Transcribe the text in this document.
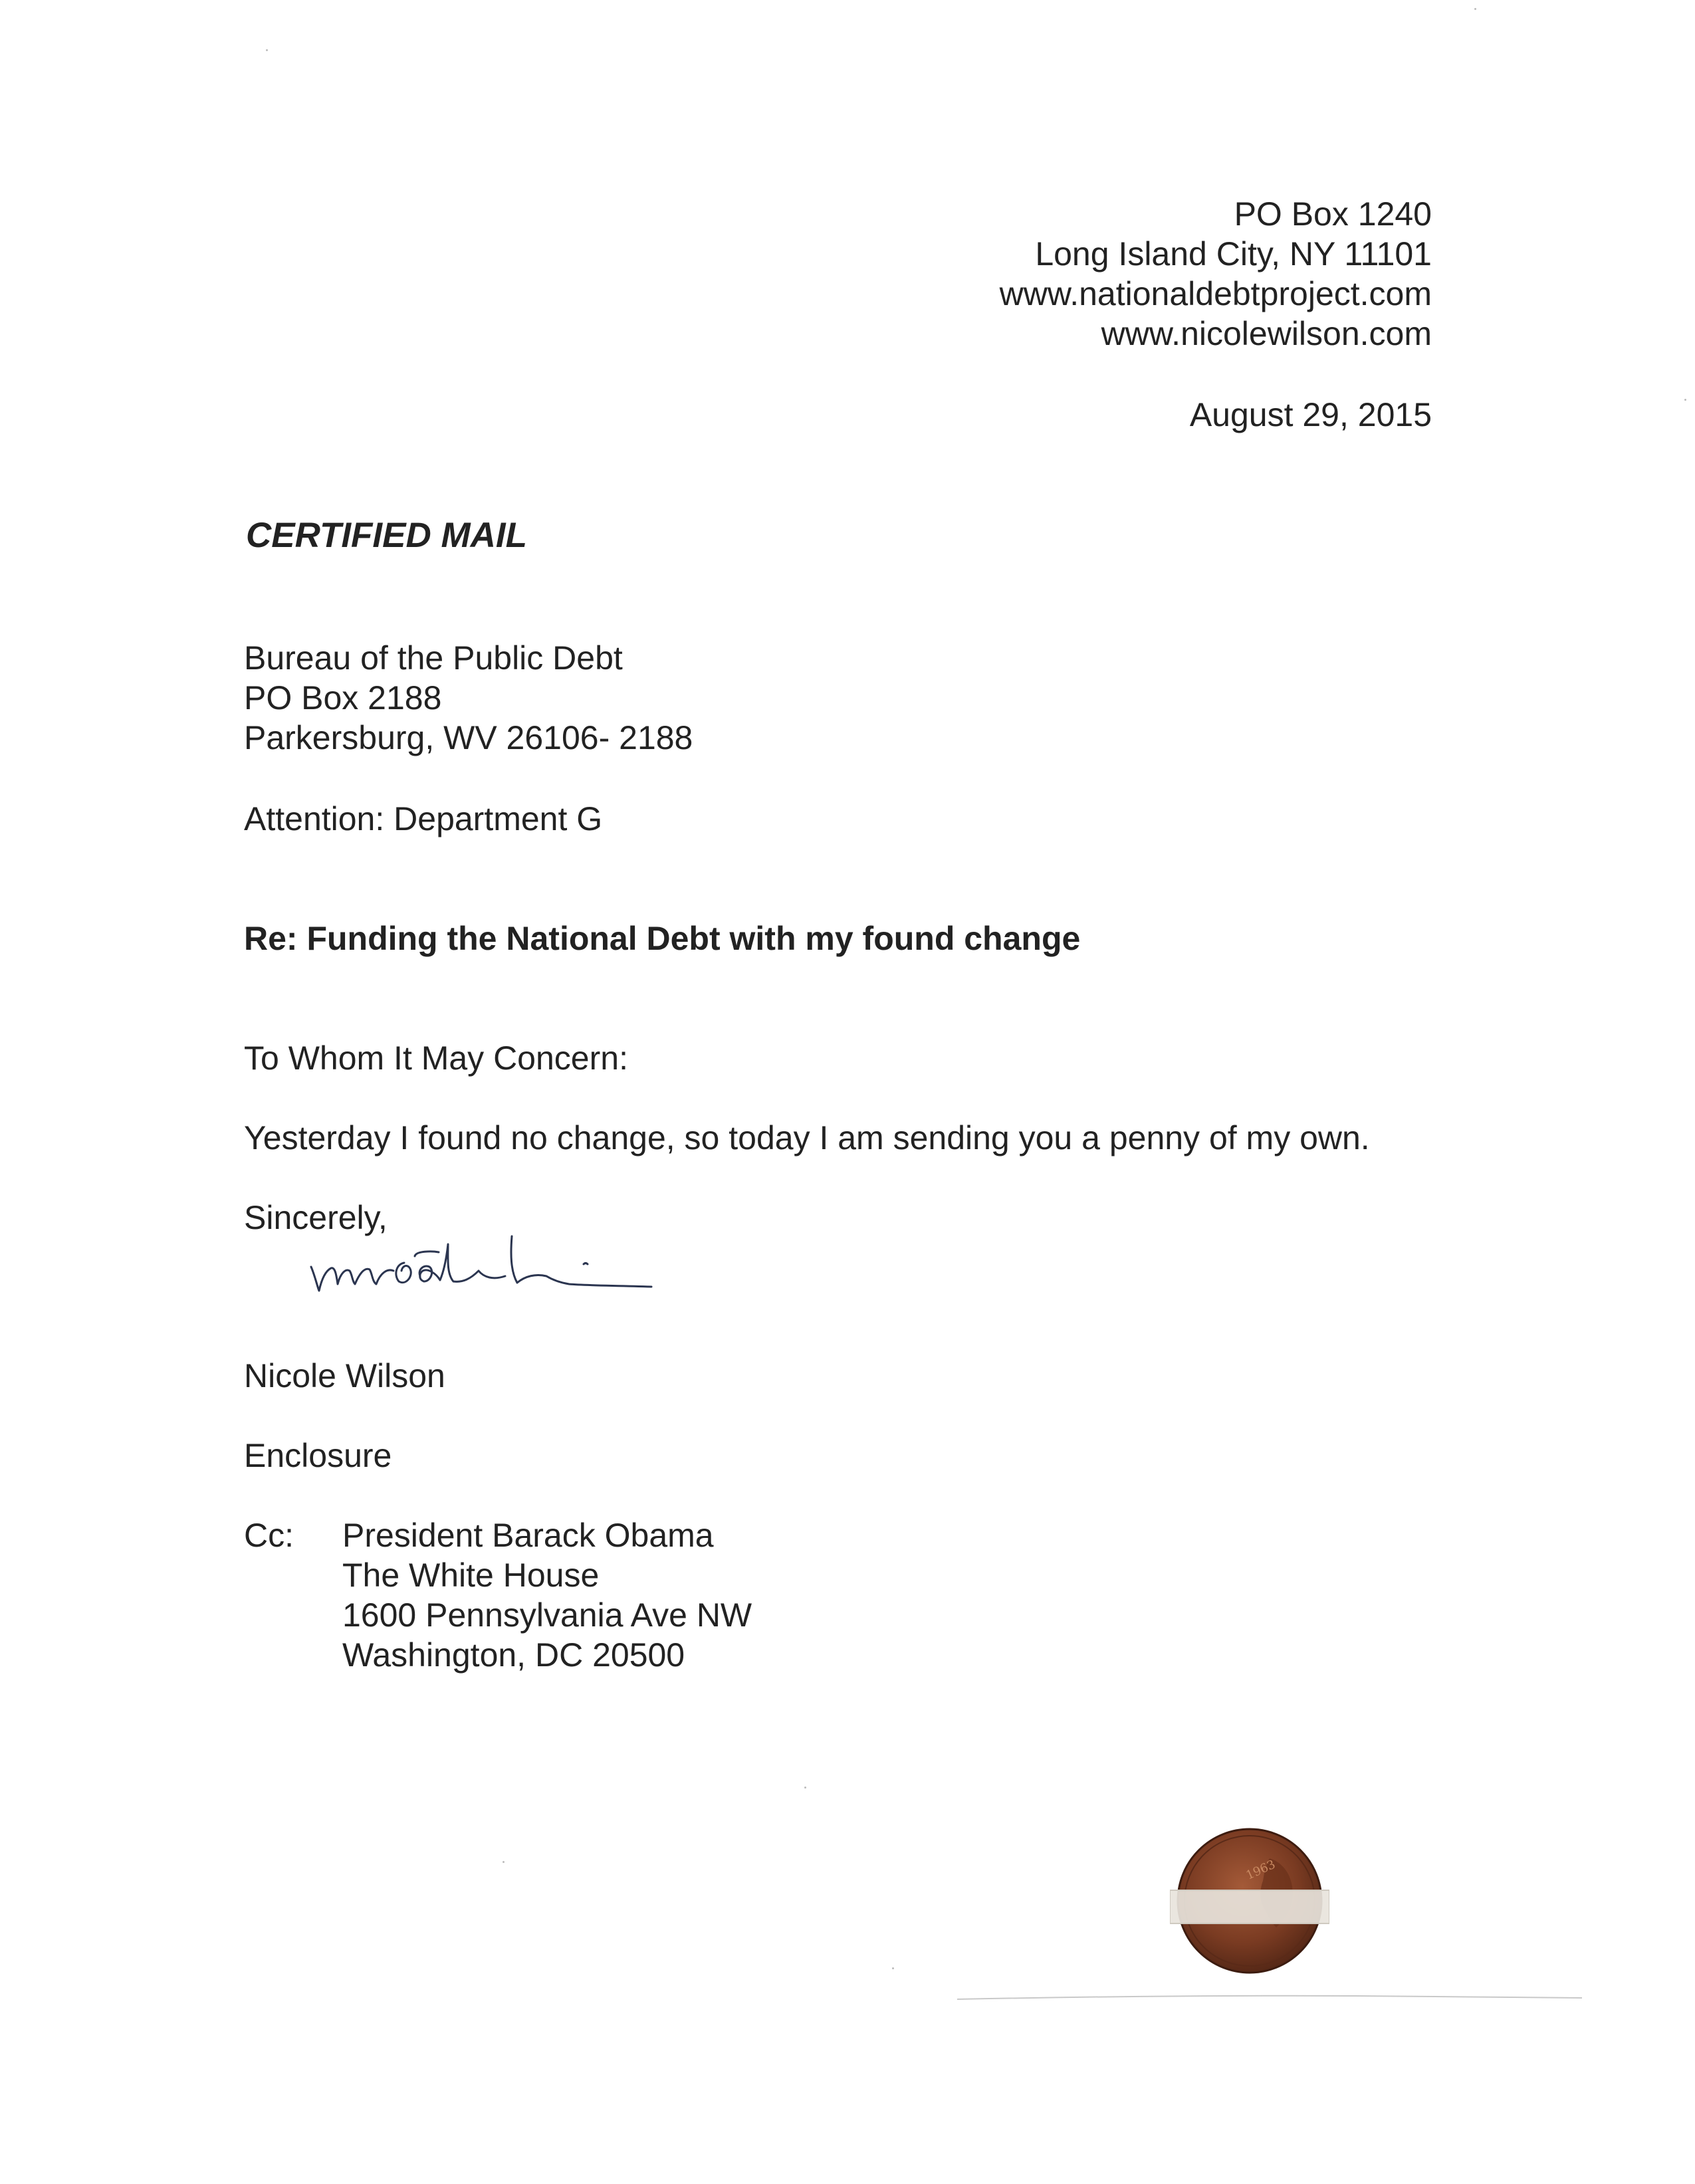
PO Box 1240
Long Island City, NY 11101
www.nationaldebtproject.com
www.nicolewilson.com
August 29, 2015
CERTIFIED MAIL
Bureau of the Public Debt
PO Box 2188
Parkersburg, WV 26106- 2188
Attention: Department G
Re: Funding the National Debt with my found change
To Whom It May Concern:
Yesterday I found no change, so today I am sending you a penny of my own.
Sincerely,
Nicole Wilson
Enclosure
Cc: President Barack Obama
The White House
1600 Pennsylvania Ave NW
Washington, DC 20500
1963
